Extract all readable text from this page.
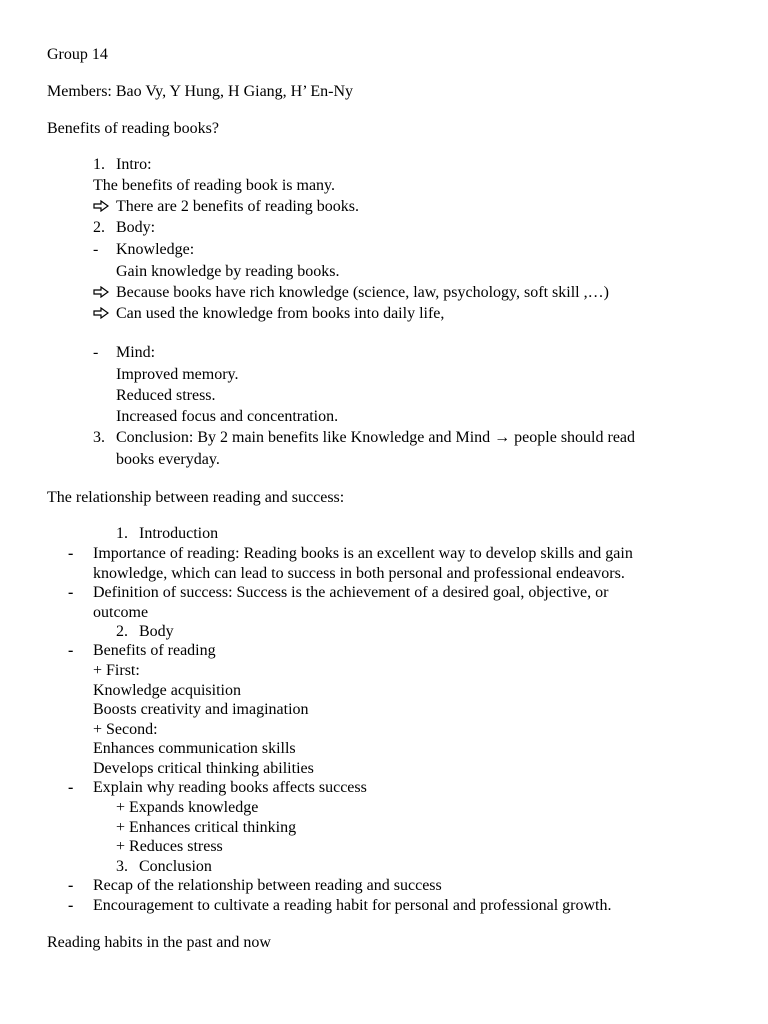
Group 14
Members: Bao Vy, Y Hung, H Giang, H’ En-Ny
Benefits of reading books?
1. Intro:
The benefits of reading book is many.
There are 2 benefits of reading books.
2. Body:
- Knowledge:
Gain knowledge by reading books.
Because books have rich knowledge (science, law, psychology, soft skill ,…)
Can used the knowledge from books into daily life,
- Mind:
Improved memory.
Reduced stress.
Increased focus and concentration.
3. Conclusion: By 2 main benefits like Knowledge and Mind → people should read
books everyday.
The relationship between reading and success:
1. Introduction
- Importance of reading: Reading books is an excellent way to develop skills and gain
knowledge, which can lead to success in both personal and professional endeavors.
- Definition of success: Success is the achievement of a desired goal, objective, or
outcome
2. Body
- Benefits of reading
+ First:
Knowledge acquisition
Boosts creativity and imagination
+ Second:
Enhances communication skills
Develops critical thinking abilities
- Explain why reading books affects success
+ Expands knowledge
+ Enhances critical thinking
+ Reduces stress
3. Conclusion
- Recap of the relationship between reading and success
- Encouragement to cultivate a reading habit for personal and professional growth.
Reading habits in the past and now
